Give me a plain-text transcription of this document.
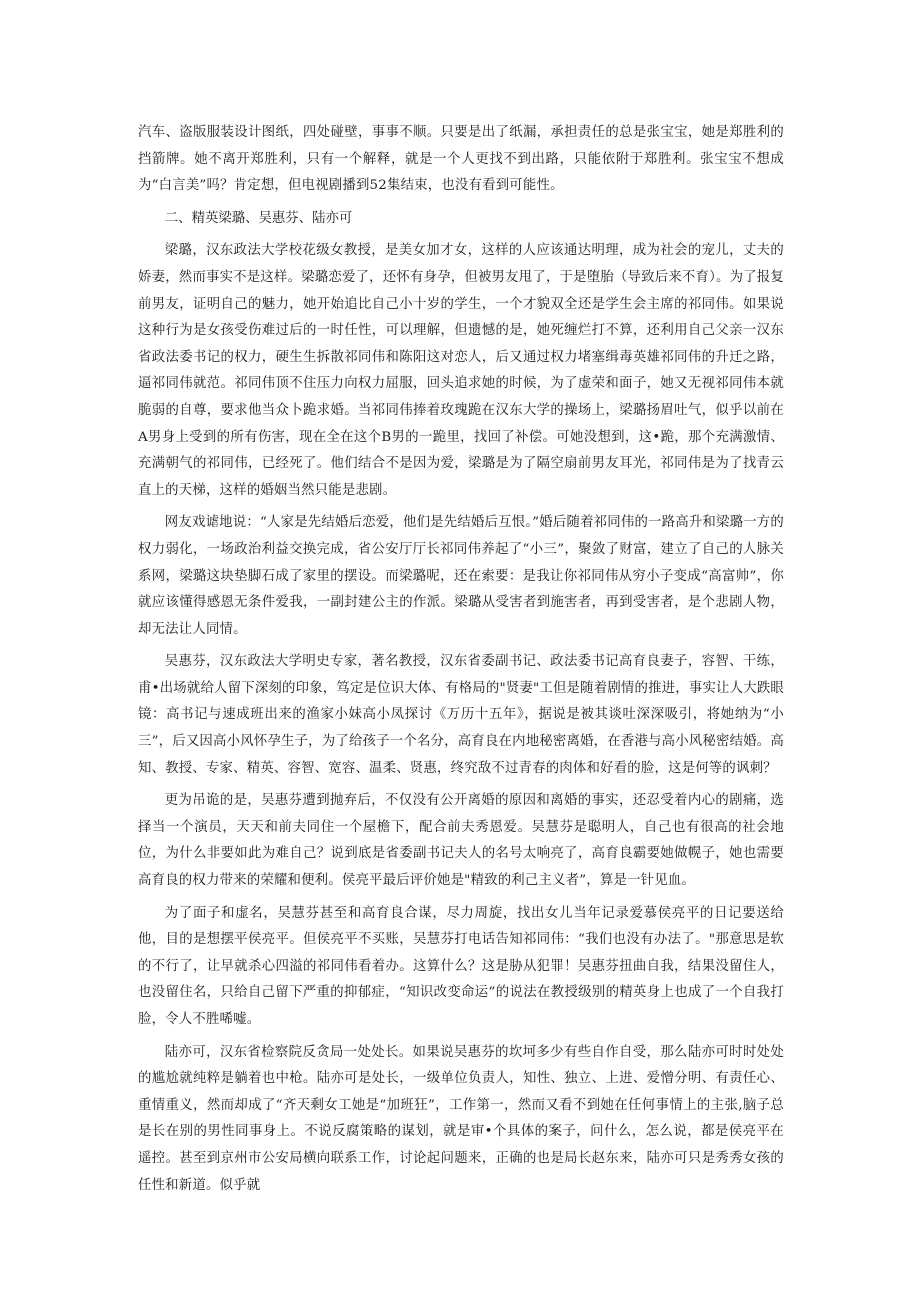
汽车、盗版服装设计图纸，四处碰壁，事事不顺。只要是出了纸漏，承担责任的总是张宝宝，她是郑胜利的挡箭牌。她不离开郑胜利，只有一个解释，就是一个人更找不到出路，只能依附于郑胜利。张宝宝不想成为“白言美”吗？肯定想，但电视剧播到52集结束，也没有看到可能性。

二、精英梁璐、吴惠芬、陆亦可

梁璐，汉东政法大学校花级女教授，是美女加才女，这样的人应该通达明理，成为社会的宠儿，丈夫的娇妻，然而事实不是这样。梁璐恋爱了，还怀有身孕，但被男友甩了，于是堕胎（导致后来不育）。为了报复前男友，证明自己的魅力，她开始追比自己小十岁的学生，一个才貌双全还是学生会主席的祁同伟。如果说这种行为是女孩受伤难过后的一时任性，可以理解，但遗憾的是，她死缠烂打不算，还利用自己父亲一汉东省政法委书记的权力，硬生生拆散祁同伟和陈阳这对恋人，后又通过权力堵塞缉毒英雄祁同伟的升迁之路，逼祁同伟就范。祁同伟顶不住压力向权力屈服，回头追求她的时候，为了虚荣和面子，她又无视祁同伟本就脆弱的自尊，要求他当众卜跪求婚。当祁同伟捧着玫瑰跪在汉东大学的操场上，梁璐扬眉吐气，似乎以前在A男身上受到的所有伤害，现在全在这个B男的一跪里，找回了补偿。可她没想到，这•跪，那个充满激情、充满朝气的祁同伟，已经死了。他们结合不是因为爱，梁璐是为了隔空扇前男友耳光，祁同伟是为了找青云直上的天梯，这样的婚姻当然只能是悲剧。

网友戏谑地说：“人家是先结婚后恋爱，他们是先结婚后互恨。”婚后随着祁同伟的一路高升和梁璐一方的权力弱化，一场政治利益交换完成，省公安厅厅长祁同伟养起了“小三”，聚敛了财富，建立了自己的人脉关系网，梁璐这块垫脚石成了家里的摆设。而梁璐呢，还在索要：是我让你祁同伟从穷小子变成“高富帅”，你就应该懂得感恩无条件爱我，一副封建公主的作派。梁璐从受害者到施害者，再到受害者，是个悲剧人物，却无法让人同情。

吴惠芬，汉东政法大学明史专家，著名教授，汉东省委副书记、政法委书记高育良妻子，容智、干练，甫•出场就给人留下深刻的印象，笃定是位识大体、有格局的"贤妻"工但是随着剧情的推进，事实让人大跌眼镜：高书记与速成班出来的渔家小妹高小凤探讨《万历十五年》，据说是被其谈吐深深吸引，将她纳为“小三”，后又因高小风怀孕生子，为了给孩子一个名分，高育良在内地秘密离婚，在香港与高小风秘密结婚。高知、教授、专家、精英、容智、宽容、温柔、贤惠，终究敌不过青春的肉体和好看的脸，这是何等的讽刺？

更为吊诡的是，吴惠芬遭到抛弃后，不仅没有公开离婚的原因和离婚的事实，还忍受着内心的剧痛，选择当一个演员，天天和前夫同住一个屋檐下，配合前夫秀恩爱。吴慧芬是聪明人，自己也有很高的社会地位，为什么非要如此为难自己？说到底是省委副书记夫人的名号太响亮了，高育良霸要她做幌子，她也需要高育良的权力带来的荣耀和便利。侯亮平最后评价她是"精致的利己主义者”，算是一针见血。

为了面子和虚名，吴慧芬甚至和高育良合谋，尽力周旋，找出女儿当年记录爱慕侯亮平的日记要送给他，目的是想摆平侯亮平。但侯亮平不买账，吴慧芬打电话告知祁同伟：“我们也没有办法了。"那意思是软的不行了，让早就杀心四溢的祁同伟看着办。这算什么？这是胁从犯罪！吴惠芬扭曲自我，结果没留住人，也没留住名，只给自己留下严重的抑郁症，“知识改变命运”的说法在教授级别的精英身上也成了一个自我打脸，令人不胜唏嘘。

陆亦可，汉东省检察院反贪局一处处长。如果说吴惠芬的坎坷多少有些自作自受，那么陆亦可时时处处的尴尬就纯粹是躺着也中枪。陆亦可是处长，一级单位负责人，知性、独立、上进、爱憎分明、有责任心、重情重义，然而却成了“齐天剩女工她是“加班狂”，工作第一，然而又看不到她在任何事情上的主张,脑子总是长在别的男性同事身上。不说反腐策略的谋划，就是审•个具体的案子，问什么，怎么说，都是侯亮平在遥控。甚至到京州市公安局横向联系工作，讨论起问题来，正确的也是局长赵东来，陆亦可只是秀秀女孩的任性和新道。似乎就
